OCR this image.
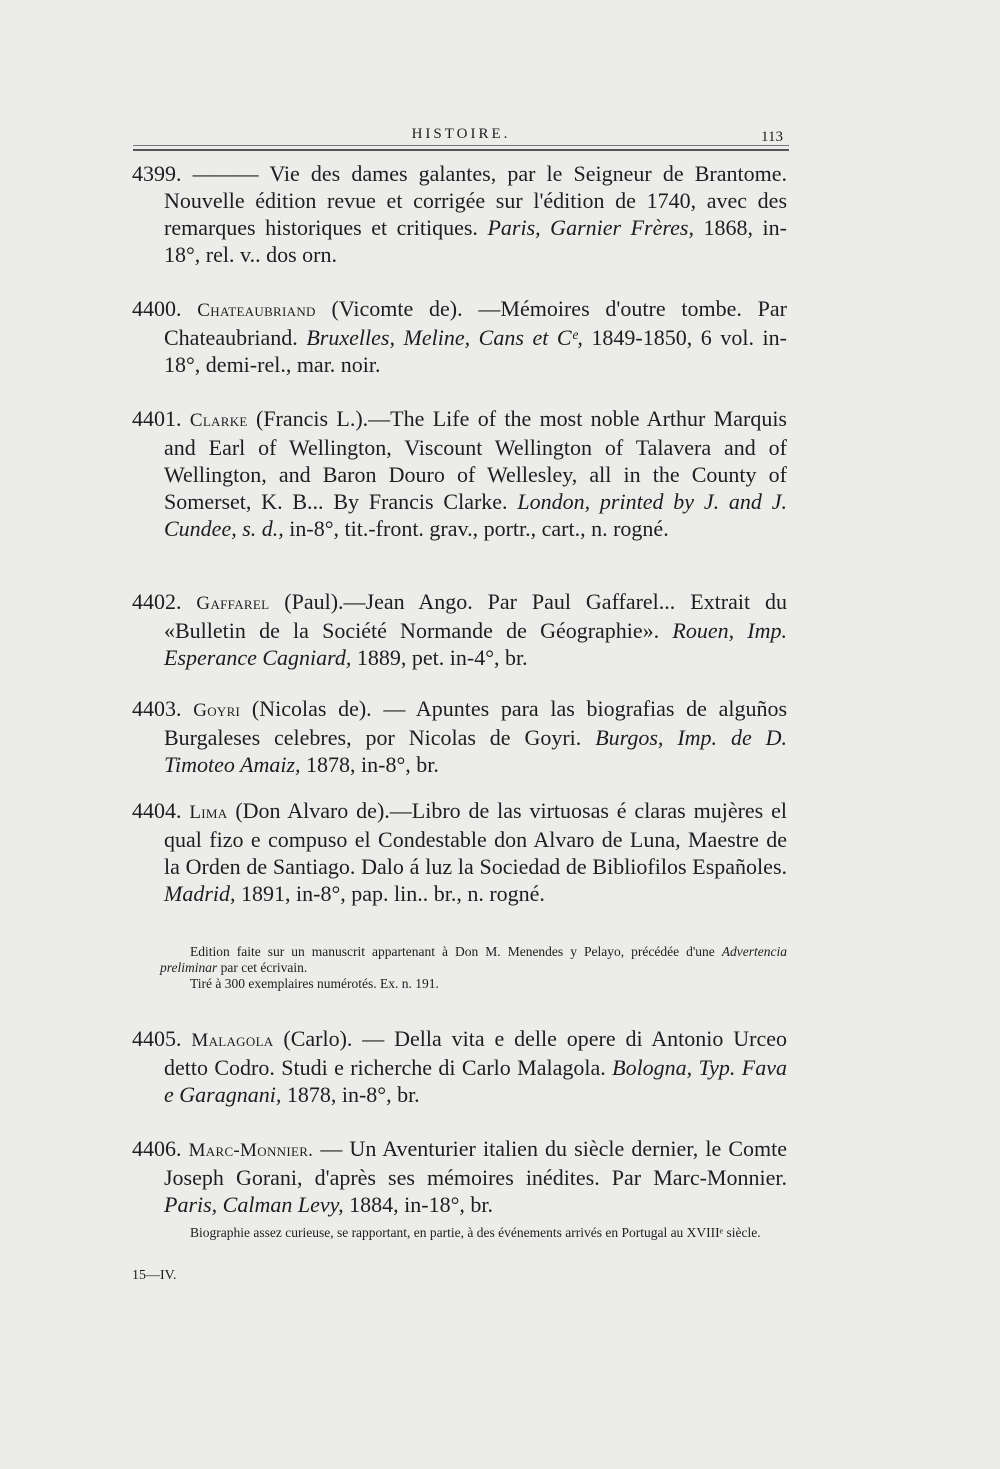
HISTOIRE.	113
4399. ——— Vie des dames galantes, par le Seigneur de Brantome. Nouvelle édition revue et corrigée sur l'édition de 1740, avec des remarques historiques et critiques. Paris, Garnier Frères, 1868, in-18°, rel. v.. dos orn.
4400. Chateaubriand (Vicomte de). —Mémoires d'outre tombe. Par Chateaubriand. Bruxelles, Meline, Cans et Cᵉ, 1849-1850, 6 vol. in-18°, demi-rel., mar. noir.
4401. Clarke (Francis L.).—The Life of the most noble Arthur Marquis and Earl of Wellington, Viscount Wellington of Talavera and of Wellington, and Baron Douro of Wellesley, all in the County of Somerset, K. B... By Francis Clarke. London, printed by J. and J. Cundee, s. d., in-8°, tit.-front. grav., portr., cart., n. rogné.
4402. Gaffarel (Paul).—Jean Ango. Par Paul Gaffarel... Extrait du «Bulletin de la Société Normande de Géographie». Rouen, Imp. Esperance Cagniard, 1889, pet. in-4°, br.
4403. Goyri (Nicolas de). — Apuntes para las biografias de alguños Burgaleses celebres, por Nicolas de Goyri. Burgos, Imp. de D. Timoteo Amaiz, 1878, in-8°, br.
4404. Lima (Don Alvaro de).—Libro de las virtuosas é claras mujères el qual fizo e compuso el Condestable don Alvaro de Luna, Maestre de la Orden de Santiago. Dalo á luz la Sociedad de Bibliofilos Españoles. Madrid, 1891, in-8°, pap. lin.. br., n. rogné.

Edition faite sur un manuscrit appartenant à Don M. Menendes y Pelayo, précédée d'une Advertencia preliminar par cet écrivain.

Tiré à 300 exemplaires numérotés. Ex. n. 191.

4405. Malagola (Carlo). — Della vita e delle opere di Antonio Urceo detto Codro. Studi e richerche di Carlo Malagola. Bologna, Typ. Fava e Garagnani, 1878, in-8°, br.
4406. Marc-Monnier. — Un Aventurier italien du siècle dernier, le Comte Joseph Gorani, d'après ses mémoires inédites. Par Marc-Monnier. Paris, Calman Levy, 1884, in-18°, br.

Biographie assez curieuse, se rapportant, en partie, à des événements arrivés en Portugal au XVIIIᵉ siècle.

15—IV.
